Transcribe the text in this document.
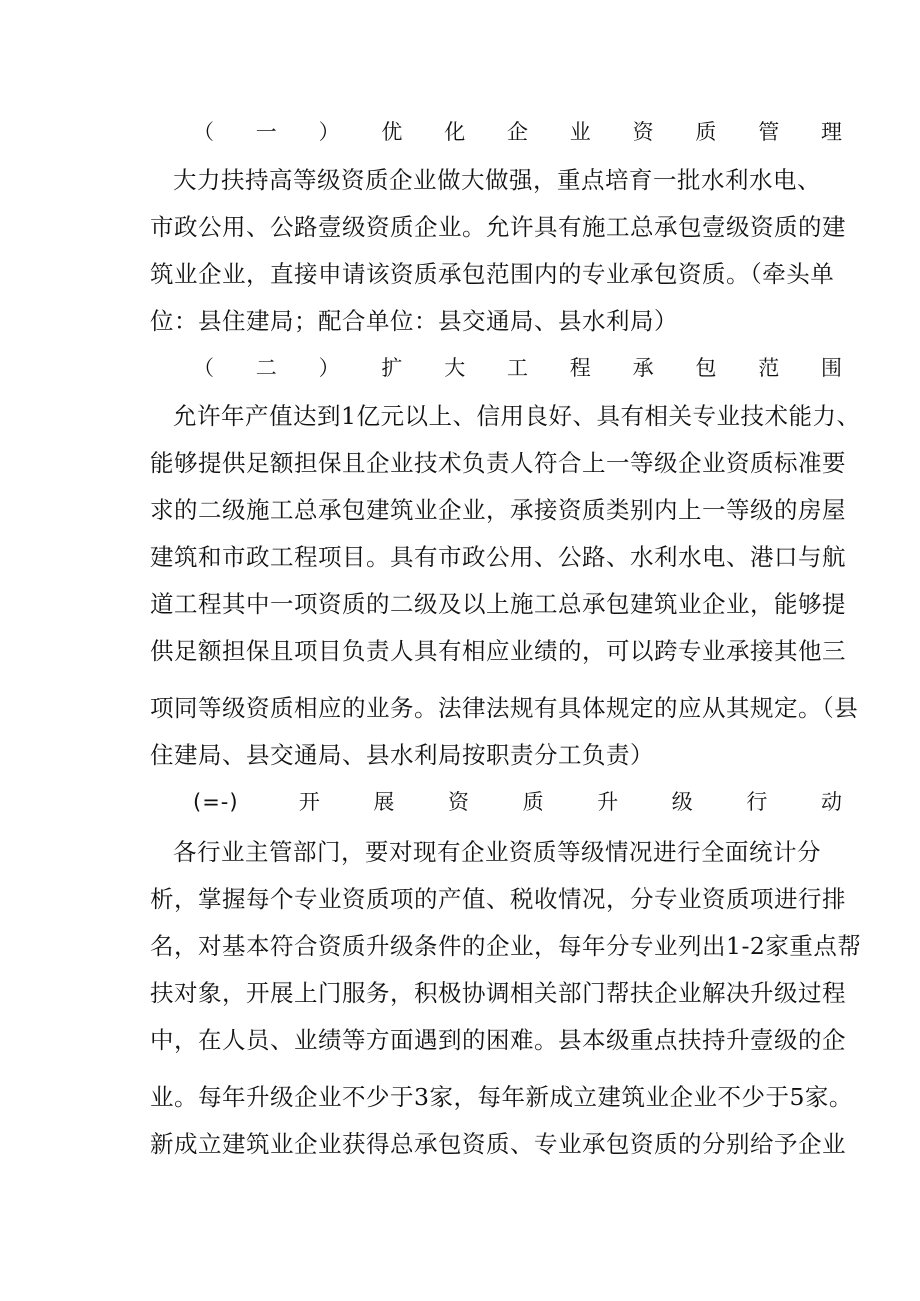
（一）优化企业资质管理
大力扶持高等级资质企业做大做强，重点培育一批水利水电、
市政公用、公路壹级资质企业。允许具有施工总承包壹级资质的建
筑业企业，直接申请该资质承包范围内的专业承包资质。（牵头单
位：县住建局；配合单位：县交通局、县水利局）
（二）扩大工程承包范围
允许年产值达到1亿元以上、信用良好、具有相关专业技术能力、
能够提供足额担保且企业技术负责人符合上一等级企业资质标准要
求的二级施工总承包建筑业企业，承接资质类别内上一等级的房屋
建筑和市政工程项目。具有市政公用、公路、水利水电、港口与航
道工程其中一项资质的二级及以上施工总承包建筑业企业，能够提
供足额担保且项目负责人具有相应业绩的，可以跨专业承接其他三
项同等级资质相应的业务。法律法规有具体规定的应从其规定。（县
住建局、县交通局、县水利局按职责分工负责）
(=-) 开展资质升级行动
各行业主管部门，要对现有企业资质等级情况进行全面统计分
析，掌握每个专业资质项的产值、税收情况，分专业资质项进行排
名，对基本符合资质升级条件的企业，每年分专业列出1-2家重点帮
扶对象，开展上门服务，积极协调相关部门帮扶企业解决升级过程
中，在人员、业绩等方面遇到的困难。县本级重点扶持升壹级的企
业。每年升级企业不少于3家，每年新成立建筑业企业不少于5家。
新成立建筑业企业获得总承包资质、专业承包资质的分别给予企业
